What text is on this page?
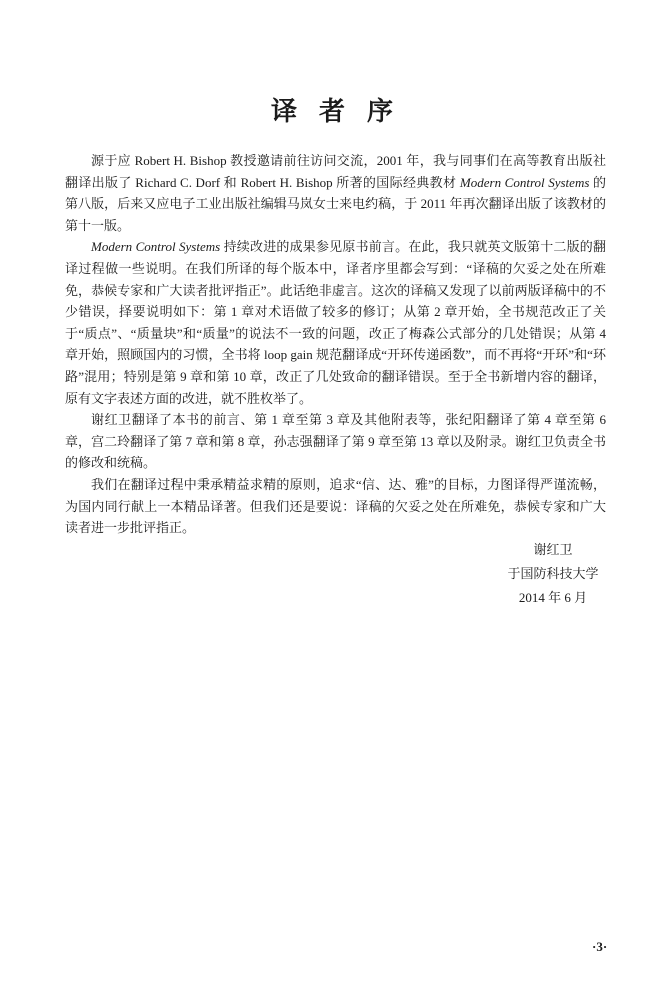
译者序

源于应 Robert H. Bishop 教授邀请前往访问交流，2001 年，我与同事们在高等教育出版社翻译出版了 Richard C. Dorf 和 Robert H. Bishop 所著的国际经典教材 Modern Control Systems 的第八版，后来又应电子工业出版社编辑马岚女士来电约稿，于 2011 年再次翻译出版了该教材的第十一版。

Modern Control Systems 持续改进的成果参见原书前言。在此，我只就英文版第十二版的翻译过程做一些说明。在我们所译的每个版本中，译者序里都会写到：“译稿的欠妥之处在所难免，恭候专家和广大读者批评指正”。此话绝非虚言。这次的译稿又发现了以前两版译稿中的不少错误，择要说明如下：第 1 章对术语做了较多的修订；从第 2 章开始，全书规范改正了关于“质点”、“质量块”和“质量”的说法不一致的问题，改正了梅森公式部分的几处错误；从第 4 章开始，照顾国内的习惯，全书将 loop gain 规范翻译成“开环传递函数”，而不再将“开环”和“环路”混用；特别是第 9 章和第 10 章，改正了几处致命的翻译错误。至于全书新增内容的翻译，原有文字表述方面的改进，就不胜枚举了。

谢红卫翻译了本书的前言、第 1 章至第 3 章及其他附表等，张纪阳翻译了第 4 章至第 6 章，宫二玲翻译了第 7 章和第 8 章，孙志强翻译了第 9 章至第 13 章以及附录。谢红卫负责全书的修改和统稿。

我们在翻译过程中秉承精益求精的原则，追求“信、达、雅”的目标，力图译得严谨流畅，为国内同行献上一本精品译著。但我们还是要说：译稿的欠妥之处在所难免，恭候专家和广大读者进一步批评指正。

谢红卫
于国防科技大学
2014 年 6 月
·3·
